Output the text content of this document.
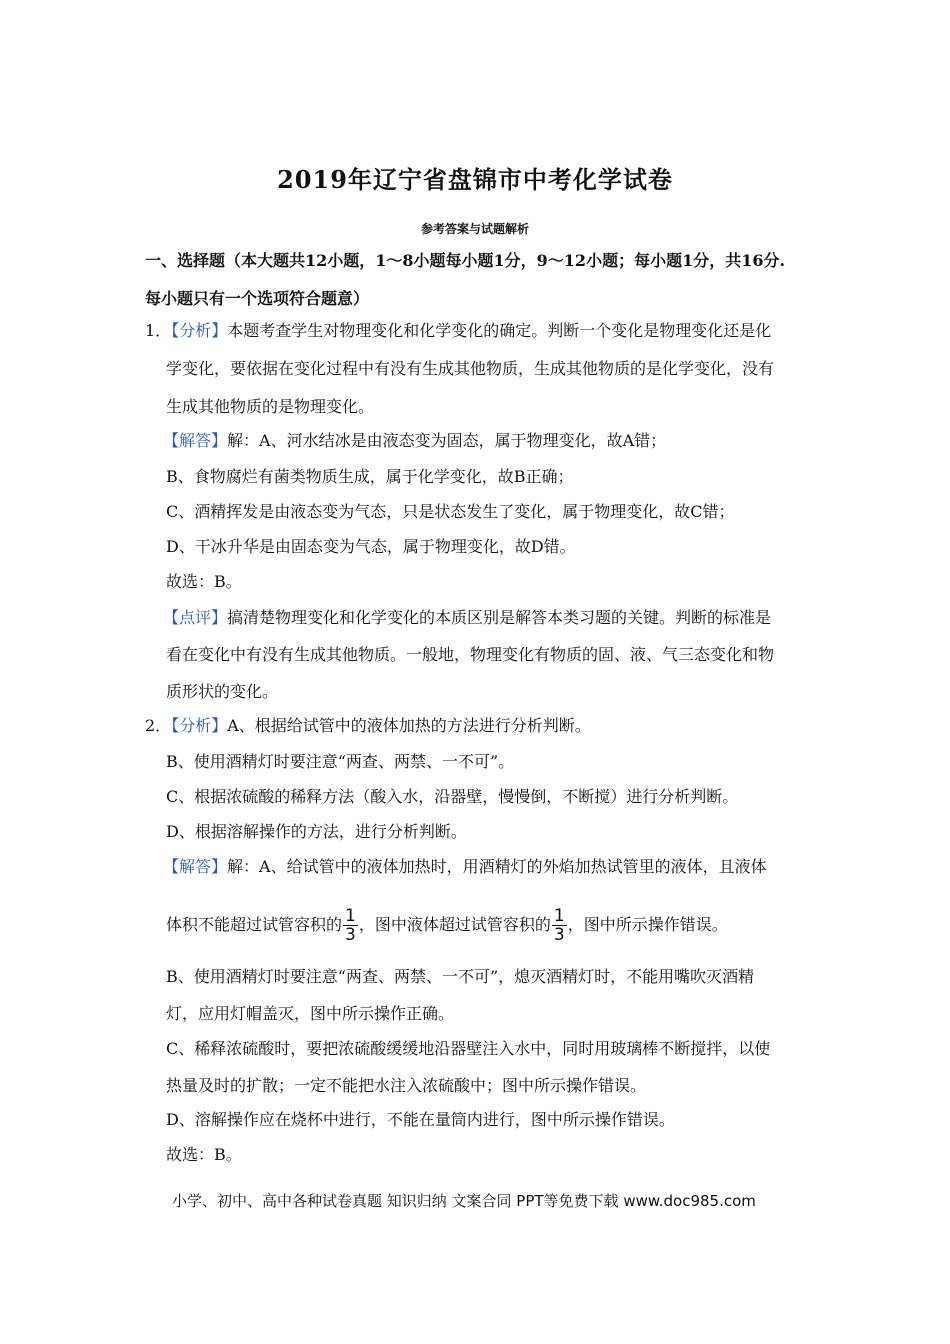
2019年辽宁省盘锦市中考化学试卷
参考答案与试题解析
一、选择题（本大题共12小题，1～8小题每小题1分，9～12小题；每小题1分，共16分.
每小题只有一个选项符合题意）
1．【分析】本题考查学生对物理变化和化学变化的确定。判断一个变化是物理变化还是化
学变化，要依据在变化过程中有没有生成其他物质，生成其他物质的是化学变化，没有
生成其他物质的是物理变化。
【解答】解：A、河水结冰是由液态变为固态，属于物理变化，故A错；
B、食物腐烂有菌类物质生成，属于化学变化，故B正确；
C、酒精挥发是由液态变为气态，只是状态发生了变化，属于物理变化，故C错；
D、干冰升华是由固态变为气态，属于物理变化，故D错。
故选：B。
【点评】搞清楚物理变化和化学变化的本质区别是解答本类习题的关键。判断的标准是
看在变化中有没有生成其他物质。一般地，物理变化有物质的固、液、气三态变化和物
质形状的变化。
2．【分析】A、根据给试管中的液体加热的方法进行分析判断。
B、使用酒精灯时要注意“两查、两禁、一不可”。
C、根据浓硫酸的稀释方法（酸入水，沿器壁，慢慢倒，不断搅）进行分析判断。
D、根据溶解操作的方法，进行分析判断。
【解答】解：A、给试管中的液体加热时，用酒精灯的外焰加热试管里的液体，且液体
体积不能超过试管容积的 $\frac{1}{3}$ ，图中液体超过试管容积的 $\frac{1}{3}$ ，图中所示操作错误。
B、使用酒精灯时要注意“两查、两禁、一不可”，熄灭酒精灯时，不能用嘴吹灭酒精
灯，应用灯帽盖灭，图中所示操作正确。
C、稀释浓硫酸时，要把浓硫酸缓缓地沿器壁注入水中，同时用玻璃棒不断搅拌，以使
热量及时的扩散；一定不能把水注入浓硫酸中；图中所示操作错误。
D、溶解操作应在烧杯中进行，不能在量筒内进行，图中所示操作错误。
故选：B。
小学、初中、高中各种试卷真题 知识归纳 文案合同 PPT等免费下载 www.doc985.com
